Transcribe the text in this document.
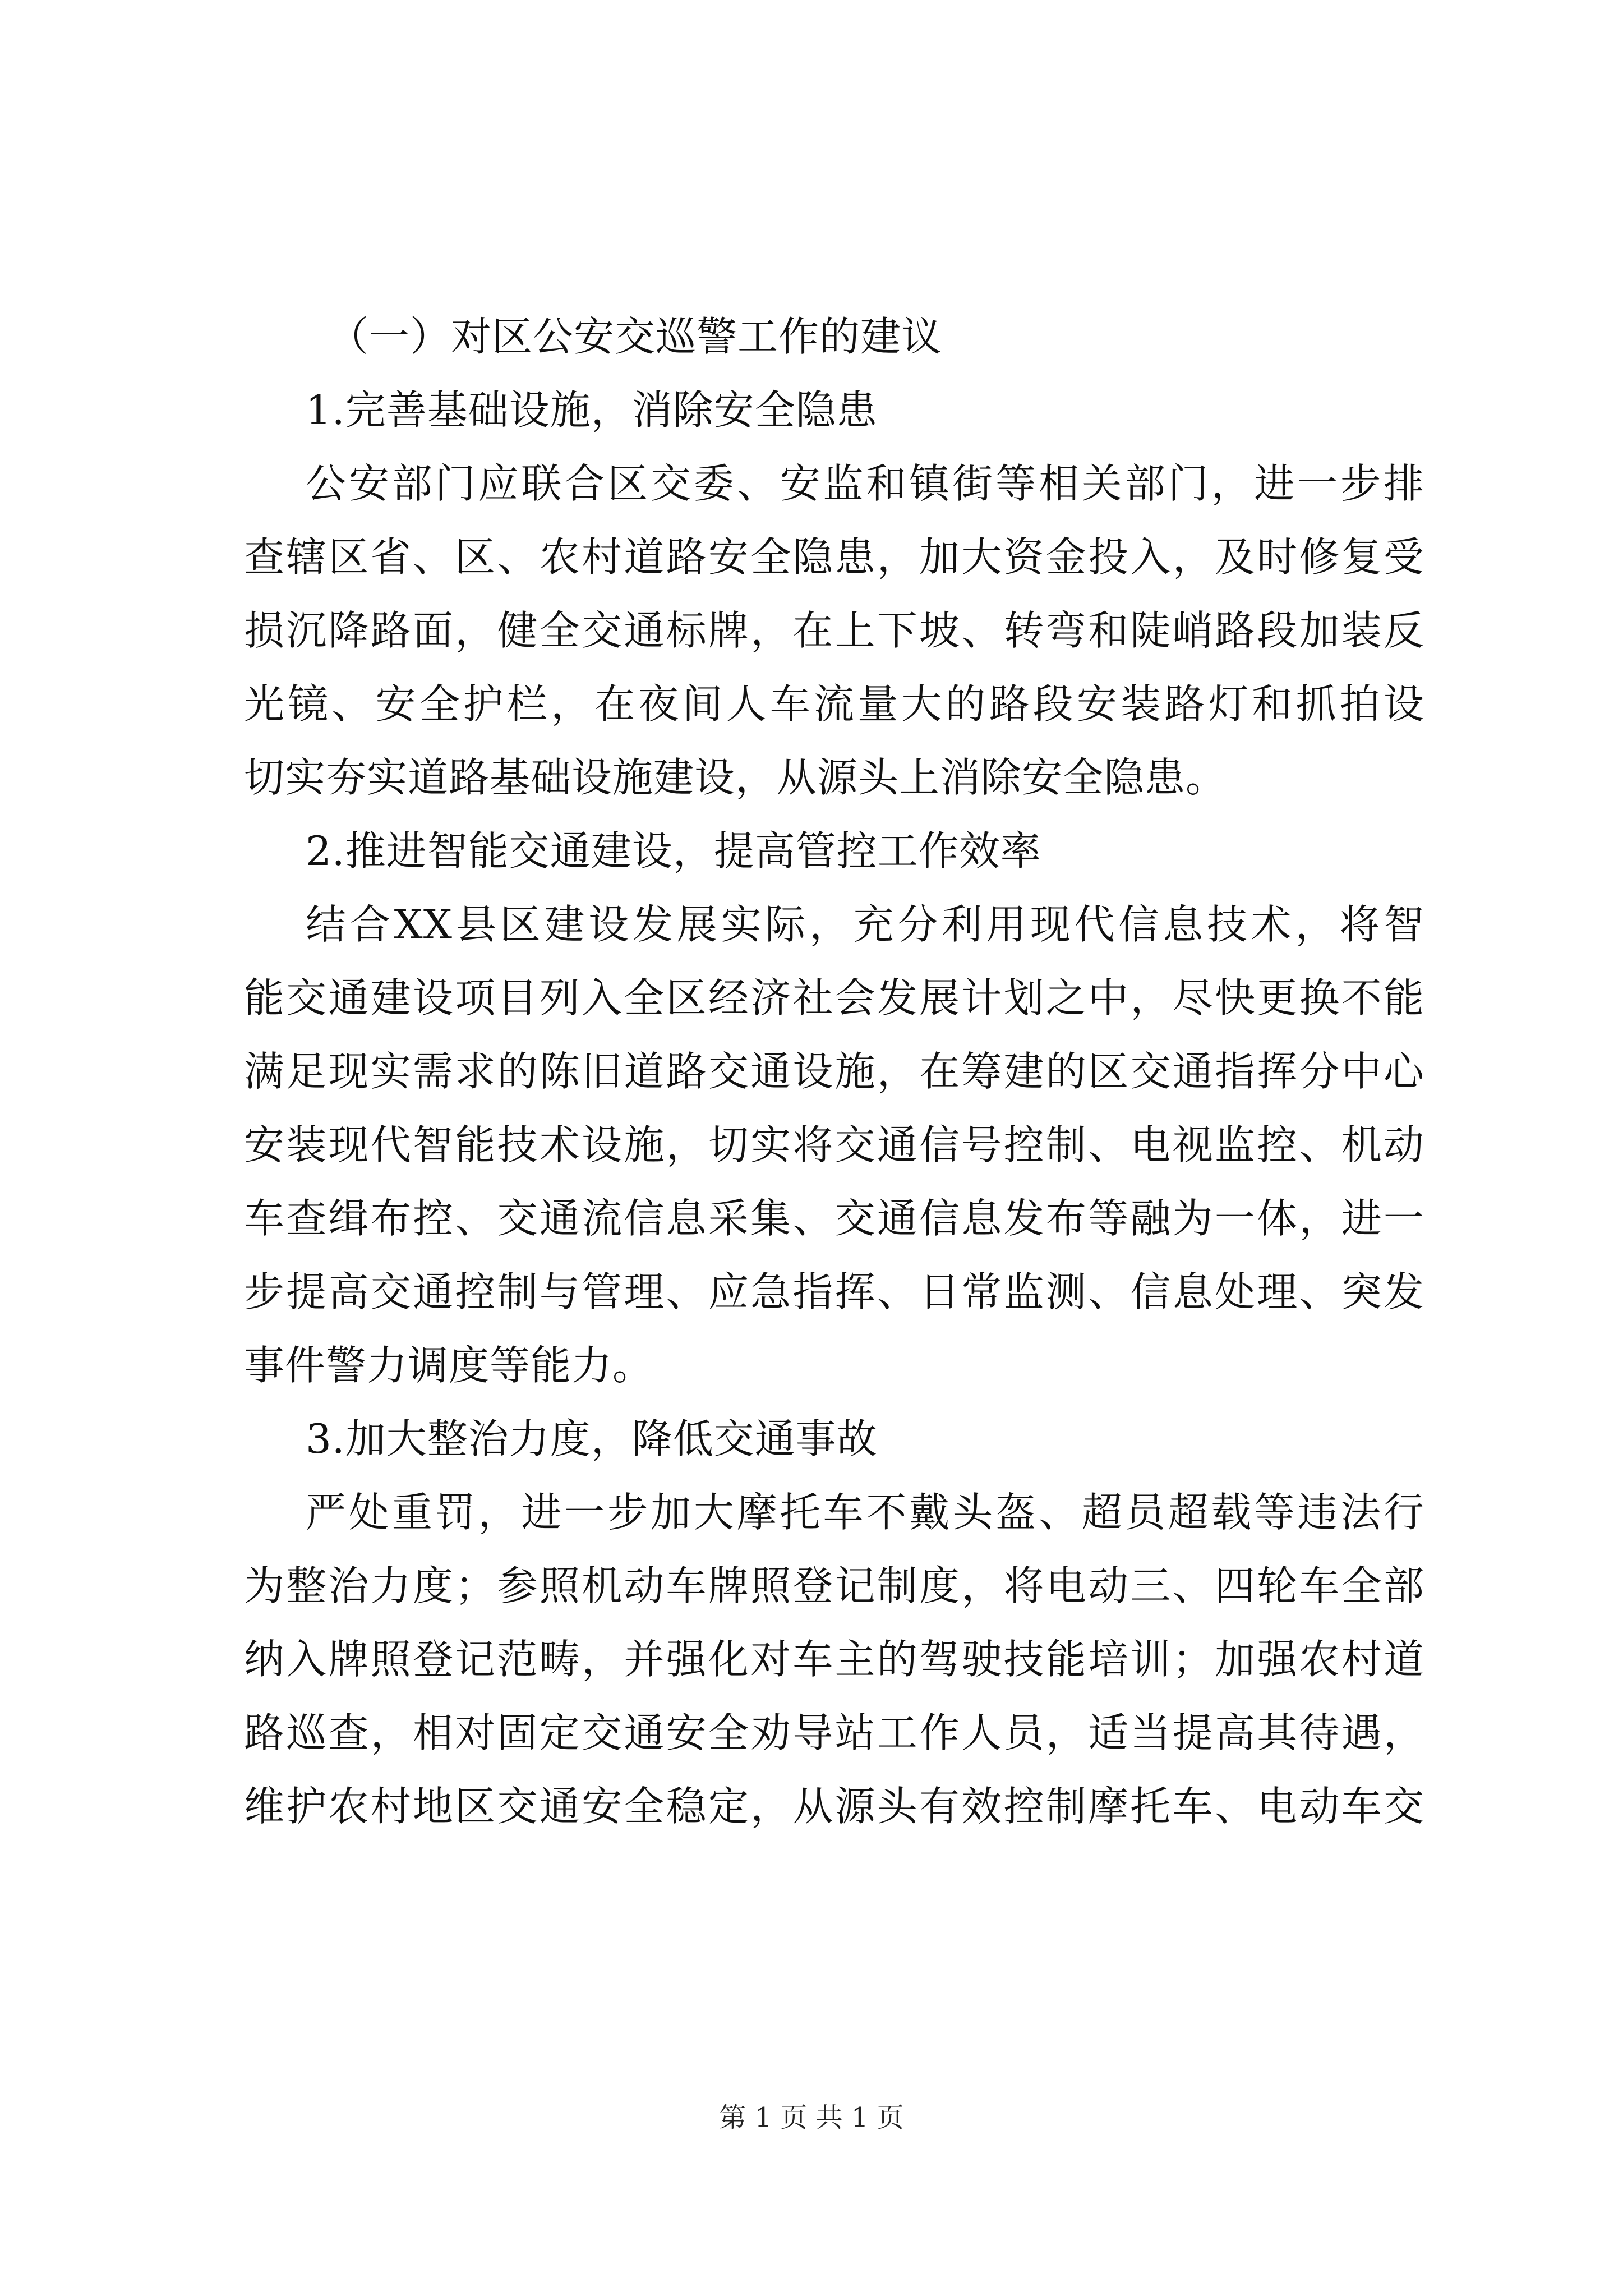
（一）对区公安交巡警工作的建议
1.完善基础设施，消除安全隐患
公安部门应联合区交委、安监和镇街等相关部门，进一步排
查辖区省、区、农村道路安全隐患，加大资金投入，及时修复受
损沉降路面，健全交通标牌，在上下坡、转弯和陡峭路段加装反
光镜、安全护栏，在夜间人车流量大的路段安装路灯和抓拍设
切实夯实道路基础设施建设，从源头上消除安全隐患。
2.推进智能交通建设，提高管控工作效率
结合XX县区建设发展实际，充分利用现代信息技术，将智
能交通建设项目列入全区经济社会发展计划之中，尽快更换不能
满足现实需求的陈旧道路交通设施，在筹建的区交通指挥分中心
安装现代智能技术设施，切实将交通信号控制、电视监控、机动
车查缉布控、交通流信息采集、交通信息发布等融为一体，进一
步提高交通控制与管理、应急指挥、日常监测、信息处理、突发
事件警力调度等能力。
3.加大整治力度，降低交通事故
严处重罚，进一步加大摩托车不戴头盔、超员超载等违法行
为整治力度；参照机动车牌照登记制度，将电动三、四轮车全部
纳入牌照登记范畴，并强化对车主的驾驶技能培训；加强农村道
路巡查，相对固定交通安全劝导站工作人员，适当提高其待遇，
维护农村地区交通安全稳定，从源头有效控制摩托车、电动车交
第 1 页 共 1 页
